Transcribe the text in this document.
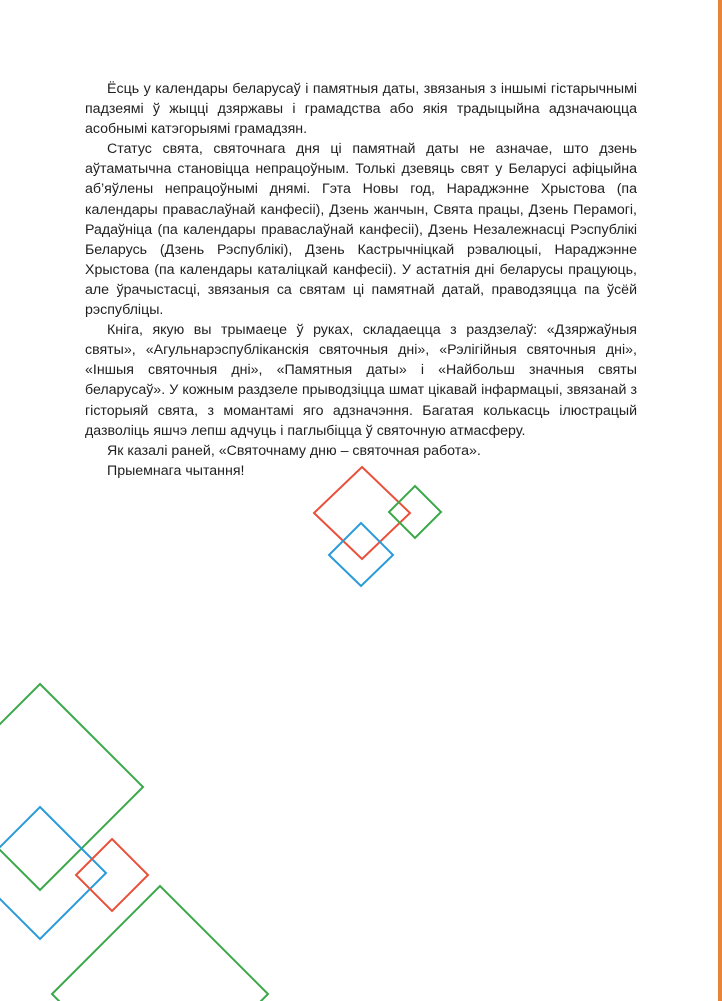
Ёсць у календары беларусаў і памятныя даты, звязаныя з іншымі гістарычнымі падзеямі ў жыцці дзяржавы і грамадства або якія традыцыйна адзначаюцца асобнымі катэгорыямі грамадзян.

Статус свята, святочнага дня ці памятнай даты не азначае, што дзень аўтаматычна становіцца непрацоўным. Толькі дзевяць свят у Беларусі афіцыйна аб’яўлены непрацоўнымі днямі. Гэта Новы год, Нараджэнне Хрыстова (па календары праваслаўнай канфесіі), Дзень жанчын, Свята працы, Дзень Перамогі, Радаўніца (па календары праваслаўнай канфесіі), Дзень Незалежнасці Рэспублікі Беларусь (Дзень Рэспублікі), Дзень Кастрычніцкай рэвалюцыі, Нараджэнне Хрыстова (па календары каталіцкай канфесіі). У астатнія дні беларусы працуюць, але ўрачыстасці, звязаныя са святам ці памятнай датай, праводзяцца па ўсёй рэспубліцы.

Кніга, якую вы трымаеце ў руках, складаецца з раздзелаў: «Дзяржаўныя святы», «Агульнарэспубліканскія святочныя дні», «Рэлігійныя святочныя дні», «Іншыя святочныя дні», «Памятныя даты» і «Найбольш значныя святы беларусаў». У кожным раздзеле прыводзіцца шмат цікавай інфармацыі, звязанай з гісторыяй свята, з момантамі яго адзначэння. Багатая колькасць ілюстрацый дазволіць яшчэ лепш адчуць і паглыбіцца ў святочную атмасферу.

Як казалі раней, «Святочнаму дню – святочная работа».

Прыемнага чытання!
